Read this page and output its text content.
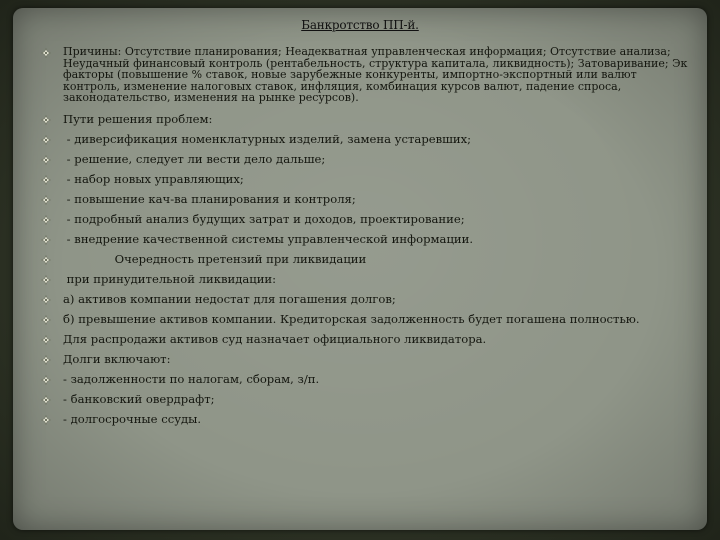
Банкротство ПП-й.
Причины: Отсутствие планирования; Неадекватная управленческая информация; Отсутствие анализа; Неудачный финансовый контроль (рентабельность, структура капитала, ликвидность); Затоваривание; Эк факторы (повышение % ставок, новые зарубежные конкуренты, импортно-экспортный или валют контроль, изменение налоговых ставок, инфляция, комбинация курсов валют, падение спроса, законодательство, изменения на рынке ресурсов).
Пути решения проблем:
- диверсификация номенклатурных изделий, замена устаревших;
- решение, следует ли вести дело дальше;
- набор новых управляющих;
- повышение кач-ва планирования и контроля;
- подробный анализ будущих затрат и доходов, проектирование;
- внедрение качественной системы управленческой информации.
Очередность претензий при ликвидации
при принудительной ликвидации:
а) активов компании недостат для погашения долгов;
б) превышение активов компании. Кредиторская задолженность будет погашена полностью.
Для распродажи активов суд назначает официального ликвидатора.
Долги включают:
- задолженности по налогам, сборам, з/п.
- банковский овердрафт;
- долгосрочные ссуды.
